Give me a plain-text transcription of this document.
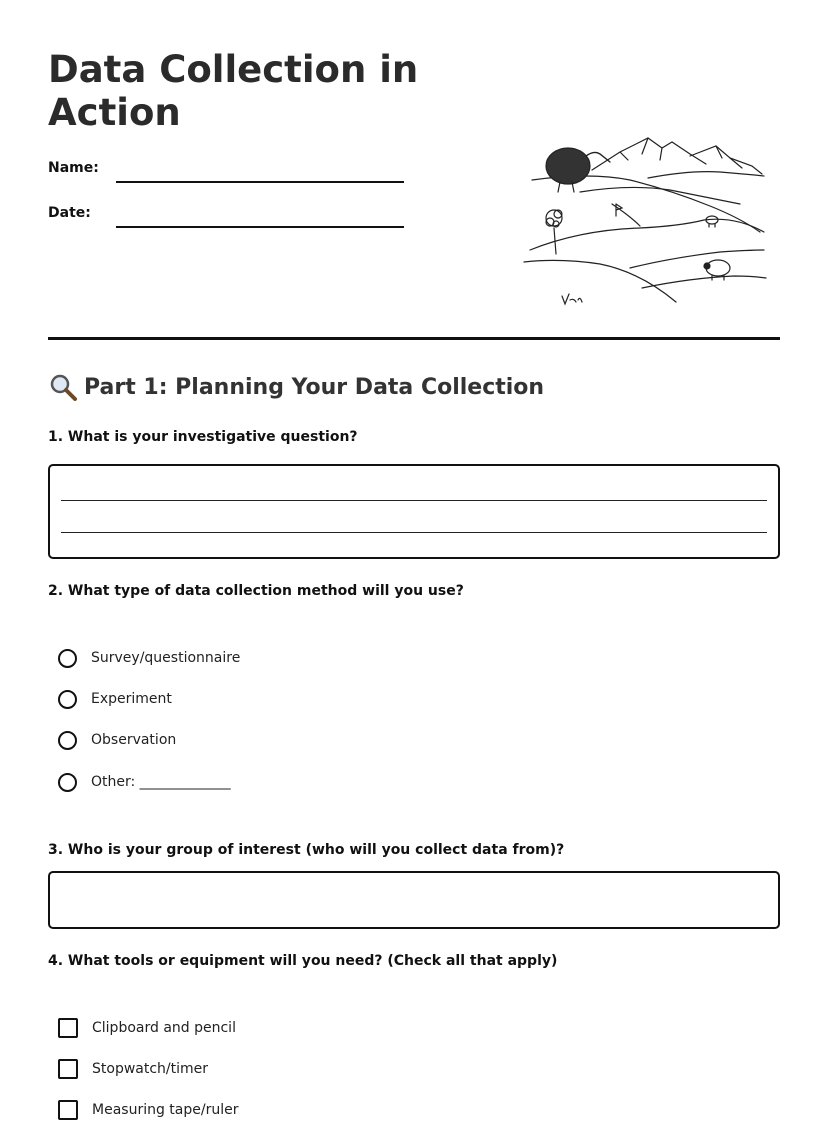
Data Collection in Action
Name:
Date:
Part 1: Planning Your Data Collection
1. What is your investigative question?
2. What type of data collection method will you use?
Survey/questionnaire
Experiment
Observation
Other: _____________
3. Who is your group of interest (who will you collect data from)?
4. What tools or equipment will you need? (Check all that apply)
Clipboard and pencil
Stopwatch/timer
Measuring tape/ruler
